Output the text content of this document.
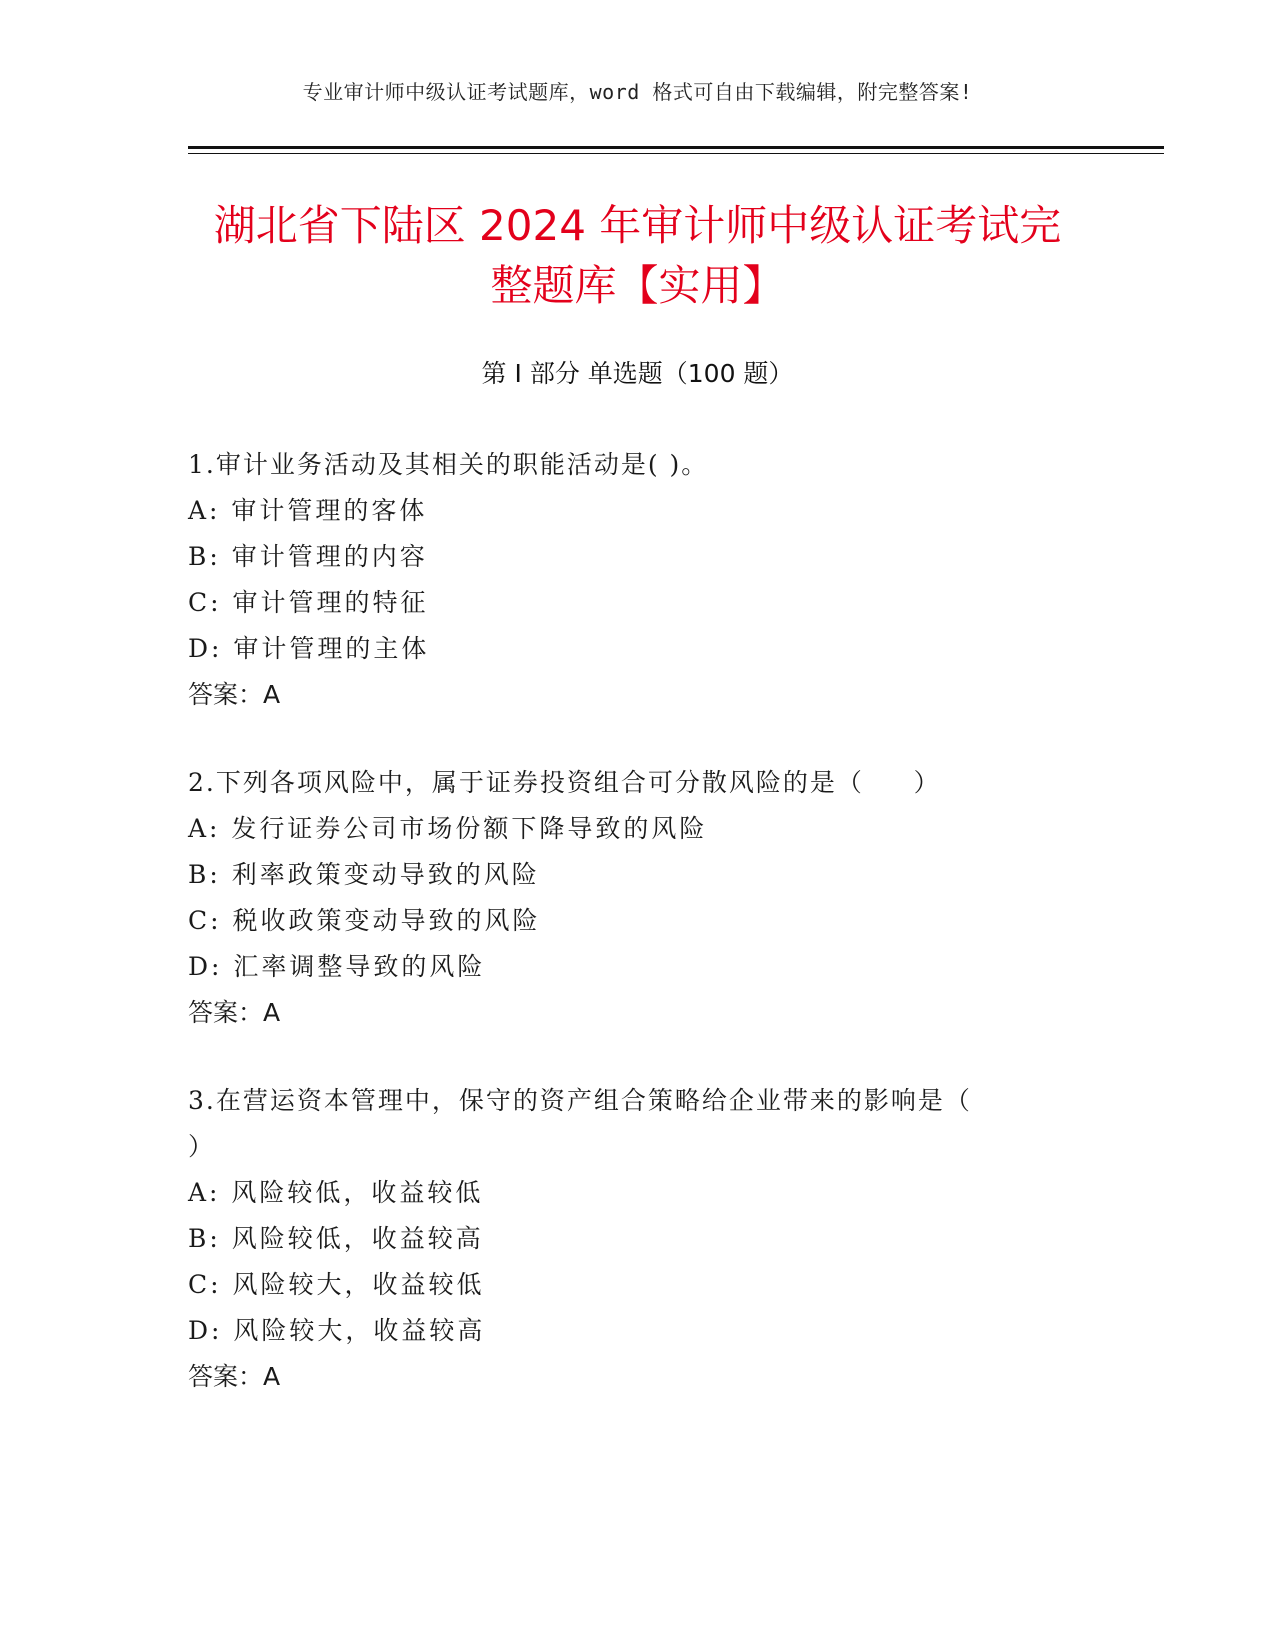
专业审计师中级认证考试题库，word 格式可自由下载编辑，附完整答案!
湖北省下陆区 2024 年审计师中级认证考试完
整题库【实用】
第 I 部分 单选题（100 题）
1.审计业务活动及其相关的职能活动是( )。
A: 审计管理的客体
B: 审计管理的内容
C: 审计管理的特征
D: 审计管理的主体
答案：A
2.下列各项风险中，属于证券投资组合可分散风险的是（     ）
A: 发行证券公司市场份额下降导致的风险
B: 利率政策变动导致的风险
C: 税收政策变动导致的风险
D: 汇率调整导致的风险
答案：A
3.在营运资本管理中，保守的资产组合策略给企业带来的影响是（
）
A: 风险较低，收益较低
B: 风险较低，收益较高
C: 风险较大，收益较低
D: 风险较大，收益较高
答案：A
